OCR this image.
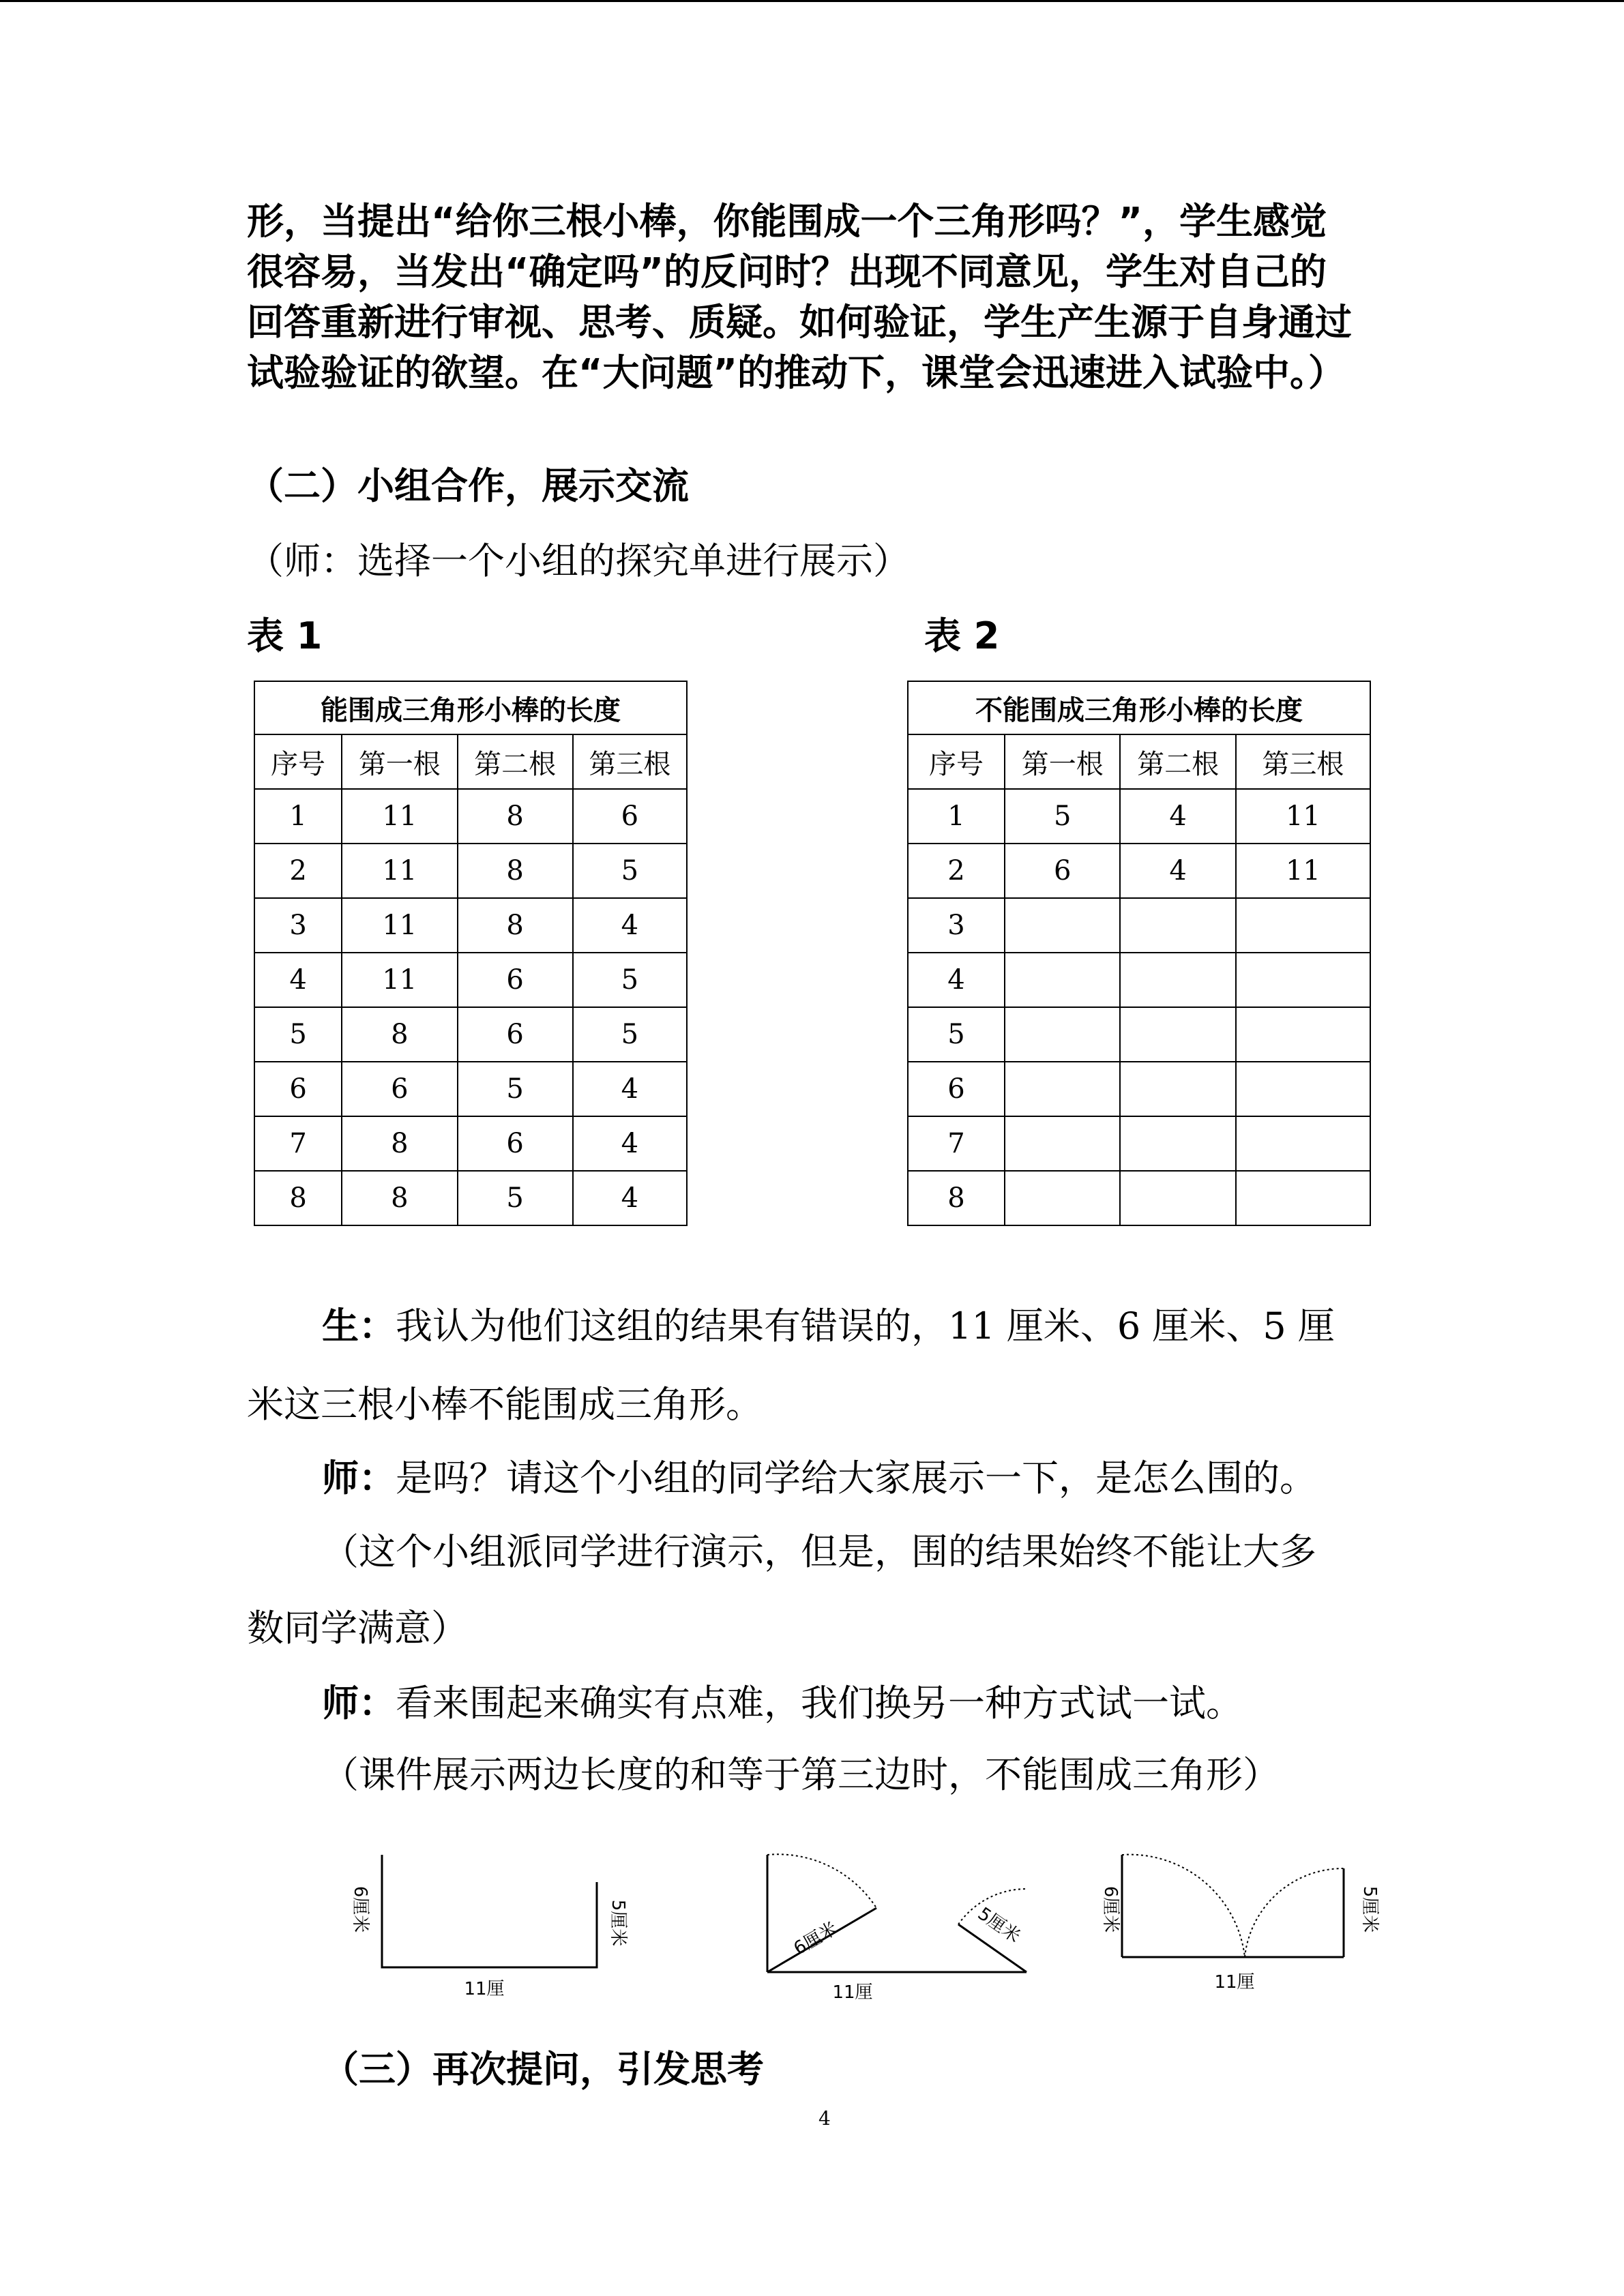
形，当提出“给你三根小棒，你能围成一个三角形吗？”，学生感觉很容易，当发出“确定吗”的反问时？出现不同意见，学生对自己的回答重新进行审视、思考、质疑。如何验证，学生产生源于自身通过试验验证的欲望。在“大问题”的推动下，课堂会迅速进入试验中。）
（二）小组合作，展示交流
（师：选择一个小组的探究单进行展示）
表 1	表 2
能围成三角形小棒的长度			
序号	第一根	第二根	第三根
1	11	8	6
2	11	8	5
3	11	8	4
4	11	6	5
5	8	6	5
6	6	5	4
7	8	6	4
8	8	5	4
不能围成三角形小棒的长度			
序号	第一根	第二根	第三根
1	5	4	11
2	6	4	11
3			
4			
5			
6			
7			
8			
生：我认为他们这组的结果有错误的，11 厘米、6 厘米、5 厘
米这三根小棒不能围成三角形。
师：是吗？请这个小组的同学给大家展示一下，是怎么围的。
（这个小组派同学进行演示，但是，围的结果始终不能让大多
数同学满意）
师：看来围起来确实有点难，我们换另一种方式试一试。
（课件展示两边长度的和等于第三边时，不能围成三角形）
6厘米	5厘米
11厘
6厘米	5厘米
11厘
6厘米	5厘米
11厘
（三）再次提问，引发思考
4
